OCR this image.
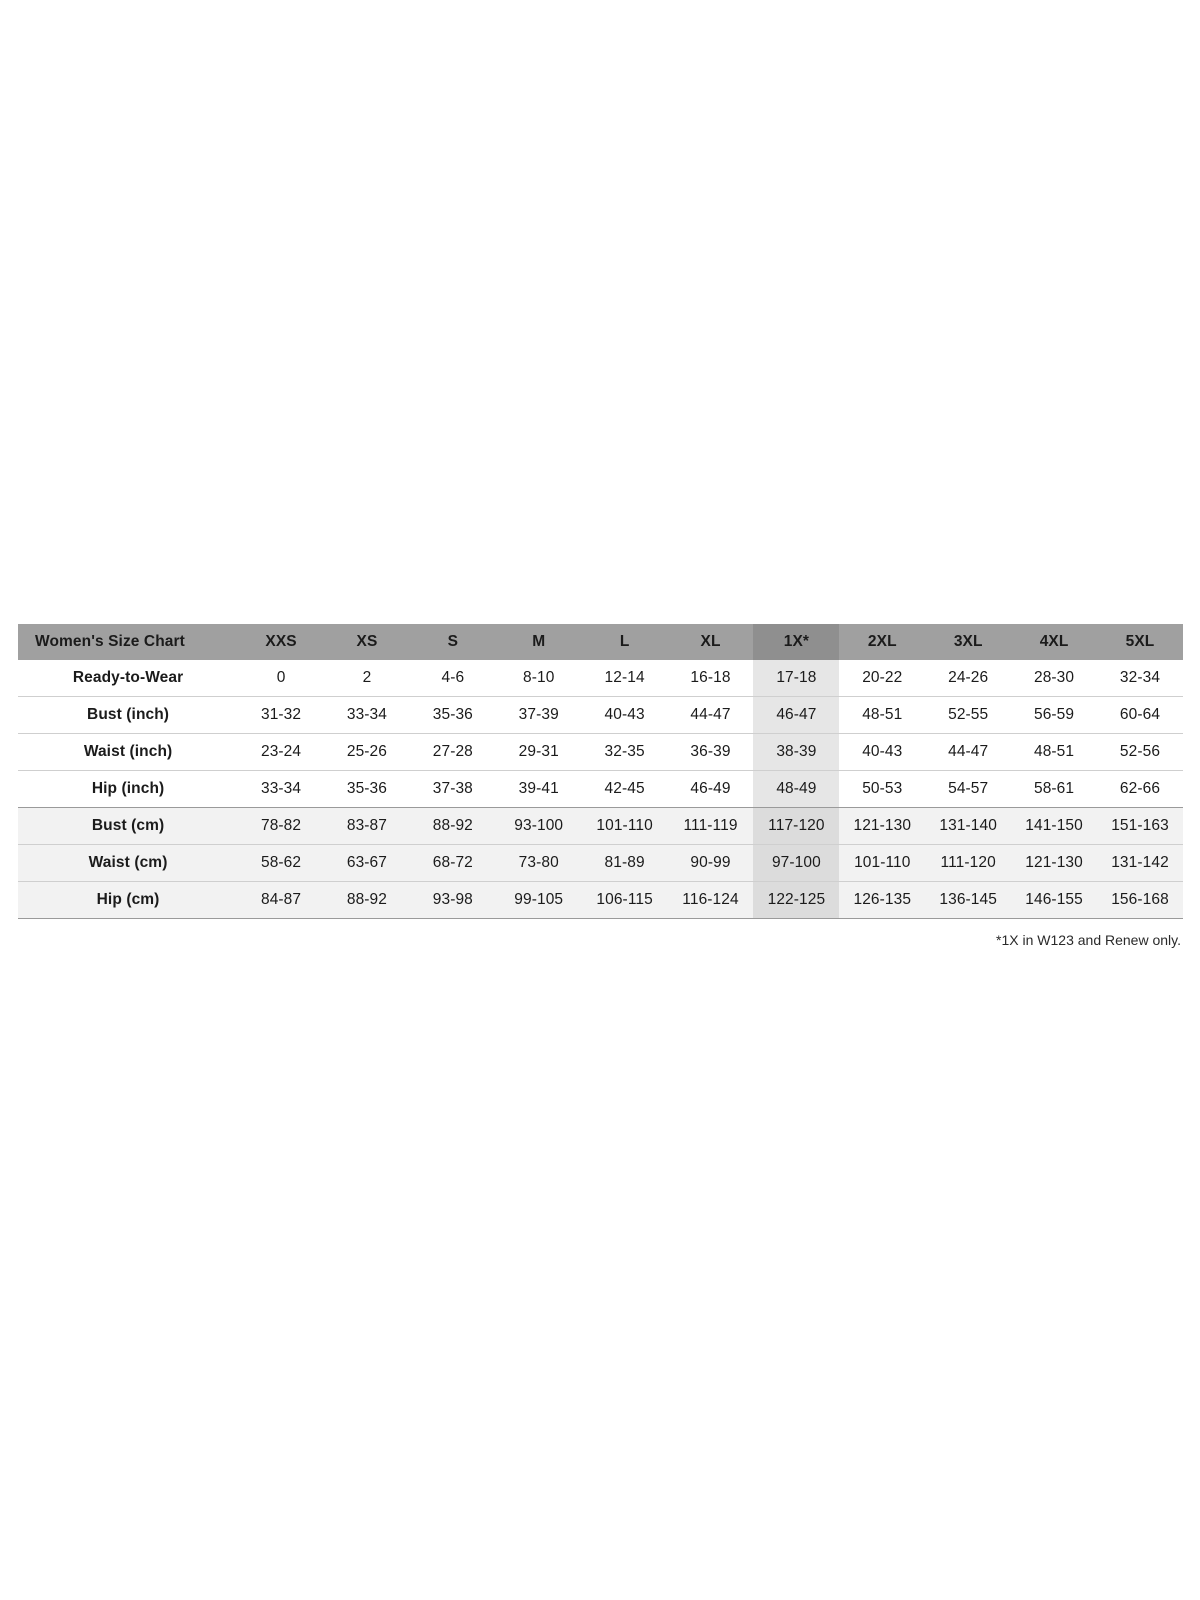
Women's Size Chart	XXS	XS	S	M	L	XL	1X*	2XL	3XL	4XL	5XL
Ready-to-Wear	0	2	4-6	8-10	12-14	16-18	17-18	20-22	24-26	28-30	32-34
Bust (inch)	31-32	33-34	35-36	37-39	40-43	44-47	46-47	48-51	52-55	56-59	60-64
Waist (inch)	23-24	25-26	27-28	29-31	32-35	36-39	38-39	40-43	44-47	48-51	52-56
Hip (inch)	33-34	35-36	37-38	39-41	42-45	46-49	48-49	50-53	54-57	58-61	62-66
Bust (cm)	78-82	83-87	88-92	93-100	101-110	111-119	117-120	121-130	131-140	141-150	151-163
Waist (cm)	58-62	63-67	68-72	73-80	81-89	90-99	97-100	101-110	111-120	121-130	131-142
Hip (cm)	84-87	88-92	93-98	99-105	106-115	116-124	122-125	126-135	136-145	146-155	156-168
*1X in W123 and Renew only.
